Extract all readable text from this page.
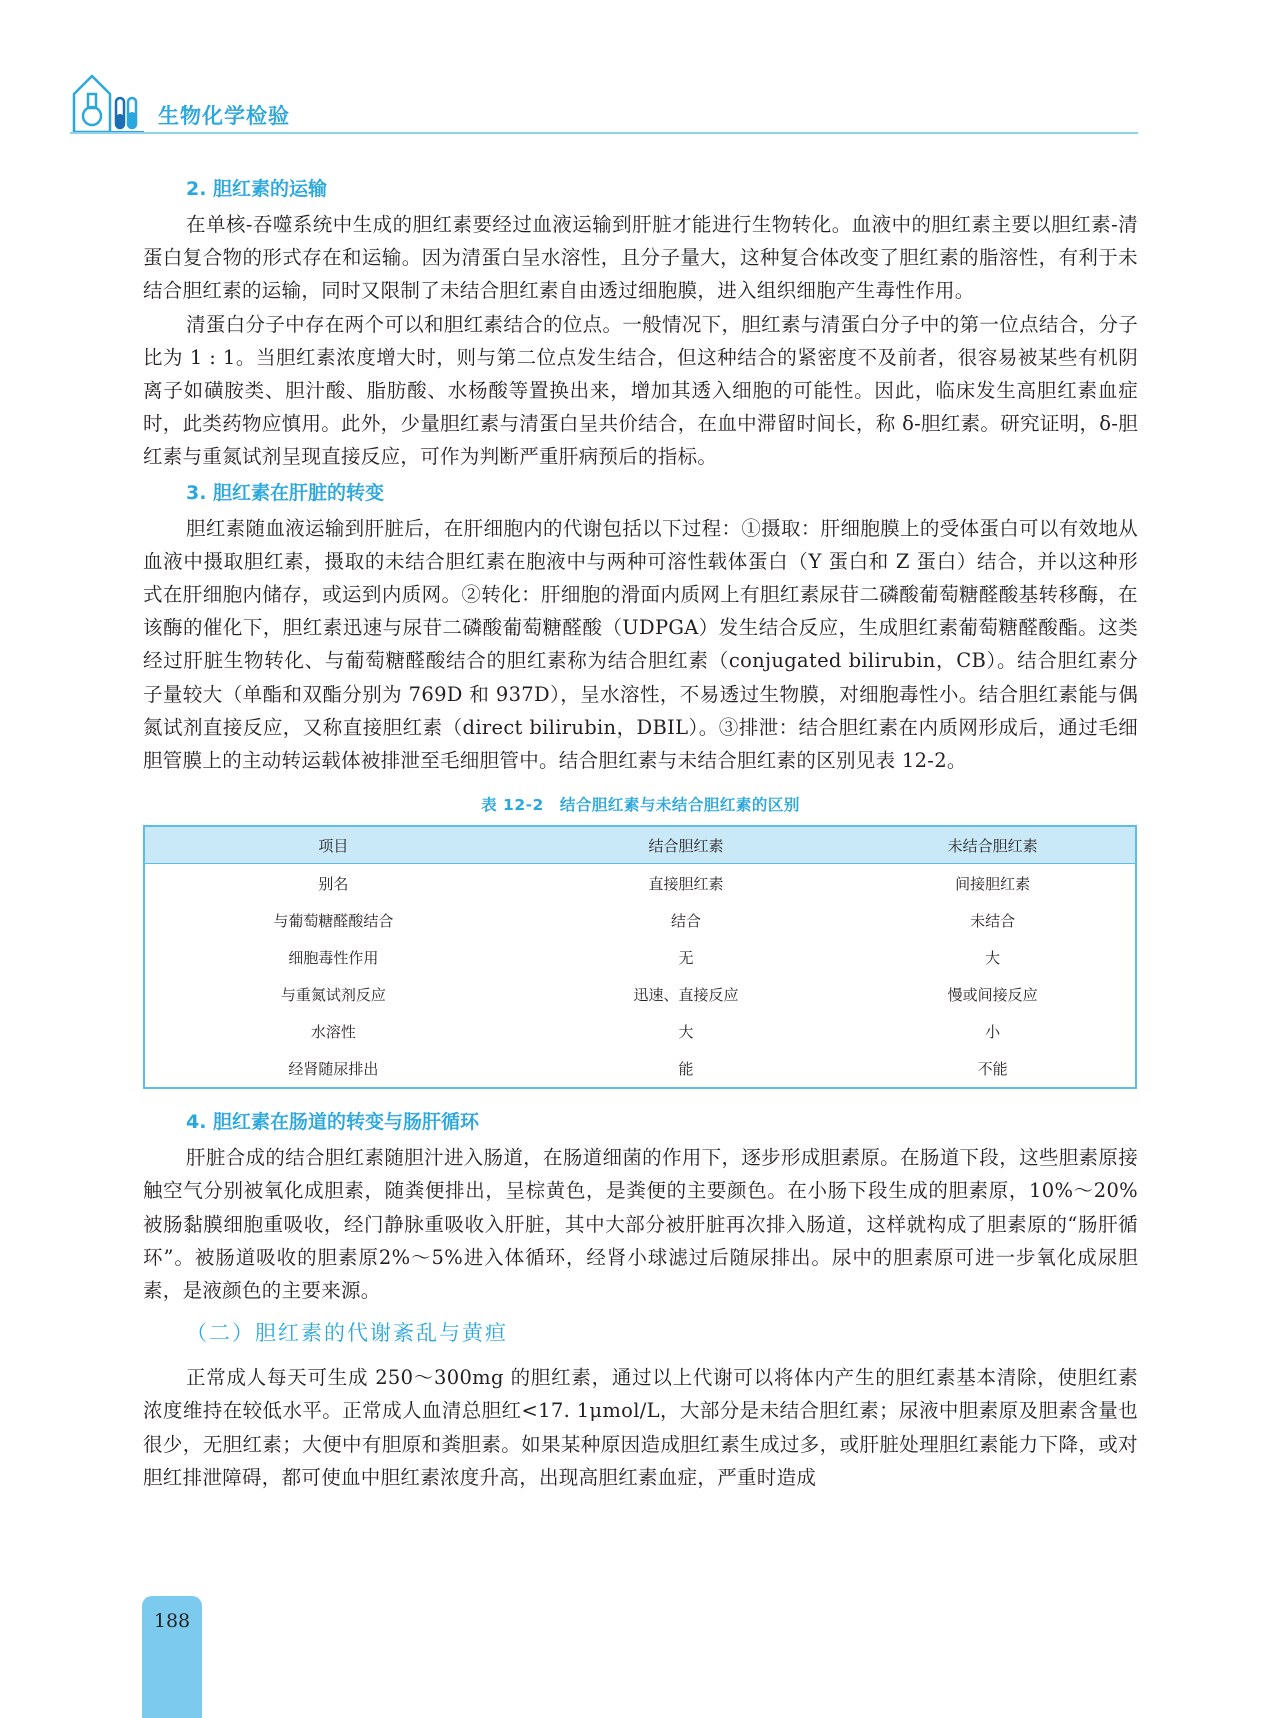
生物化学检验
2. 胆红素的运输

在单核-吞噬系统中生成的胆红素要经过血液运输到肝脏才能进行生物转化。血液中的胆红素主要以胆红素-清蛋白复合物的形式存在和运输。因为清蛋白呈水溶性，且分子量大，这种复合体改变了胆红素的脂溶性，有利于未结合胆红素的运输，同时又限制了未结合胆红素自由透过细胞膜，进入组织细胞产生毒性作用。

清蛋白分子中存在两个可以和胆红素结合的位点。一般情况下，胆红素与清蛋白分子中的第一位点结合，分子比为 1 : 1。当胆红素浓度增大时，则与第二位点发生结合，但这种结合的紧密度不及前者，很容易被某些有机阴离子如磺胺类、胆汁酸、脂肪酸、水杨酸等置换出来，增加其透入细胞的可能性。因此，临床发生高胆红素血症时，此类药物应慎用。此外，少量胆红素与清蛋白呈共价结合，在血中滞留时间长，称 δ-胆红素。研究证明，δ-胆红素与重氮试剂呈现直接反应，可作为判断严重肝病预后的指标。

3. 胆红素在肝脏的转变

胆红素随血液运输到肝脏后，在肝细胞内的代谢包括以下过程：①摄取：肝细胞膜上的受体蛋白可以有效地从血液中摄取胆红素，摄取的未结合胆红素在胞液中与两种可溶性载体蛋白（Y 蛋白和 Z 蛋白）结合，并以这种形式在肝细胞内储存，或运到内质网。②转化：肝细胞的滑面内质网上有胆红素尿苷二磷酸葡萄糖醛酸基转移酶，在该酶的催化下，胆红素迅速与尿苷二磷酸葡萄糖醛酸（UDPGA）发生结合反应，生成胆红素葡萄糖醛酸酯。这类经过肝脏生物转化、与葡萄糖醛酸结合的胆红素称为结合胆红素（conjugated bilirubin，CB）。结合胆红素分子量较大（单酯和双酯分别为 769D 和 937D），呈水溶性，不易透过生物膜，对细胞毒性小。结合胆红素能与偶氮试剂直接反应，又称直接胆红素（direct bilirubin，DBIL）。③排泄：结合胆红素在内质网形成后，通过毛细胆管膜上的主动转运载体被排泄至毛细胆管中。结合胆红素与未结合胆红素的区别见表 12-2。

表 12-2　结合胆红素与未结合胆红素的区别
项目	结合胆红素	未结合胆红素
别名	直接胆红素	间接胆红素
与葡萄糖醛酸结合	结合	未结合
细胞毒性作用	无	大
与重氮试剂反应	迅速、直接反应	慢或间接反应
水溶性	大	小
经肾随尿排出	能	不能
4. 胆红素在肠道的转变与肠肝循环

肝脏合成的结合胆红素随胆汁进入肠道，在肠道细菌的作用下，逐步形成胆素原。在肠道下段，这些胆素原接触空气分别被氧化成胆素，随粪便排出，呈棕黄色，是粪便的主要颜色。在小肠下段生成的胆素原，10%～20%被肠黏膜细胞重吸收，经门静脉重吸收入肝脏，其中大部分被肝脏再次排入肠道，这样就构成了胆素原的“肠肝循环”。被肠道吸收的胆素原2%～5%进入体循环，经肾小球滤过后随尿排出。尿中的胆素原可进一步氧化成尿胆素，是液颜色的主要来源。

（二）胆红素的代谢紊乱与黄疸

正常成人每天可生成 250～300mg 的胆红素，通过以上代谢可以将体内产生的胆红素基本清除，使胆红素浓度维持在较低水平。正常成人血清总胆红<17. 1μmol/L，大部分是未结合胆红素；尿液中胆素原及胆素含量也很少，无胆红素；大便中有胆原和粪胆素。如果某种原因造成胆红素生成过多，或肝脏处理胆红素能力下降，或对胆红排泄障碍，都可使血中胆红素浓度升高，出现高胆红素血症，严重时造成

188
